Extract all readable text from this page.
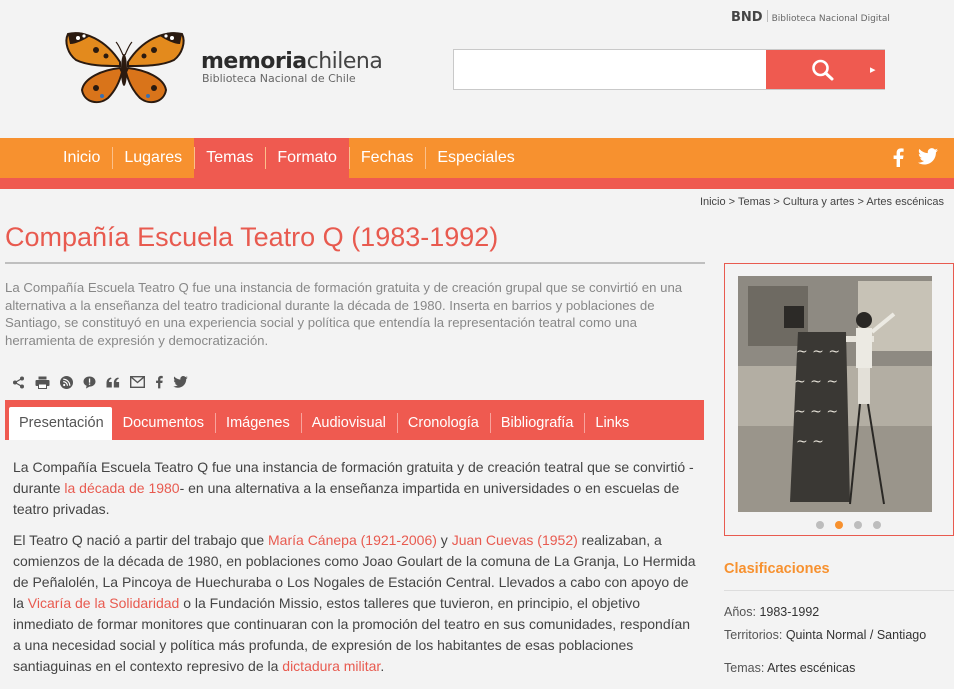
BND Biblioteca Nacional Digital
memoriachilena
Biblioteca Nacional de Chile
▸
Inicio	Lugares	Temas	Formato	Fechas	Especiales
Inicio > Temas > Cultura y artes > Artes escénicas
Compañía Escuela Teatro Q (1983-1992)

La Compañía Escuela Teatro Q fue una instancia de formación gratuita y de creación grupal que se convirtió en una alternativa a la enseñanza del teatro tradicional durante la década de 1980. Inserta en barrios y poblaciones de Santiago, se constituyó en una experiencia social y política que entendía la representación teatral como una herramienta de expresión y democratización.

Presentación	Documentos	Imágenes	Audiovisual	Cronología	Bibliografía	Links

La Compañía Escuela Teatro Q fue una instancia de formación gratuita y de creación teatral que se convirtió -durante la década de 1980- en una alternativa a la enseñanza impartida en universidades o en escuelas de teatro privadas.

El Teatro Q nació a partir del trabajo que María Cánepa (1921-2006) y Juan Cuevas (1952) realizaban, a comienzos de la década de 1980, en poblaciones como Joao Goulart de la comuna de La Granja, Lo Hermida de Peñalolén, La Pincoya de Huechuraba o Los Nogales de Estación Central. Llevados a cabo con apoyo de la Vicaría de la Solidaridad o la Fundación Missio, estos talleres que tuvieron, en principio, el objetivo inmediato de formar monitores que continuaran con la promoción del teatro en sus comunidades, respondían a una necesidad social y política más profunda, de expresión de los habitantes de esas poblaciones santiaguinas en el contexto represivo de la dictadura militar.

~ ~ ~
~ ~ ~
~ ~ ~
~ ~
Clasificaciones
Años: 1983-1992
Territorios: Quinta Normal / Santiago
Temas: Artes escénicas
